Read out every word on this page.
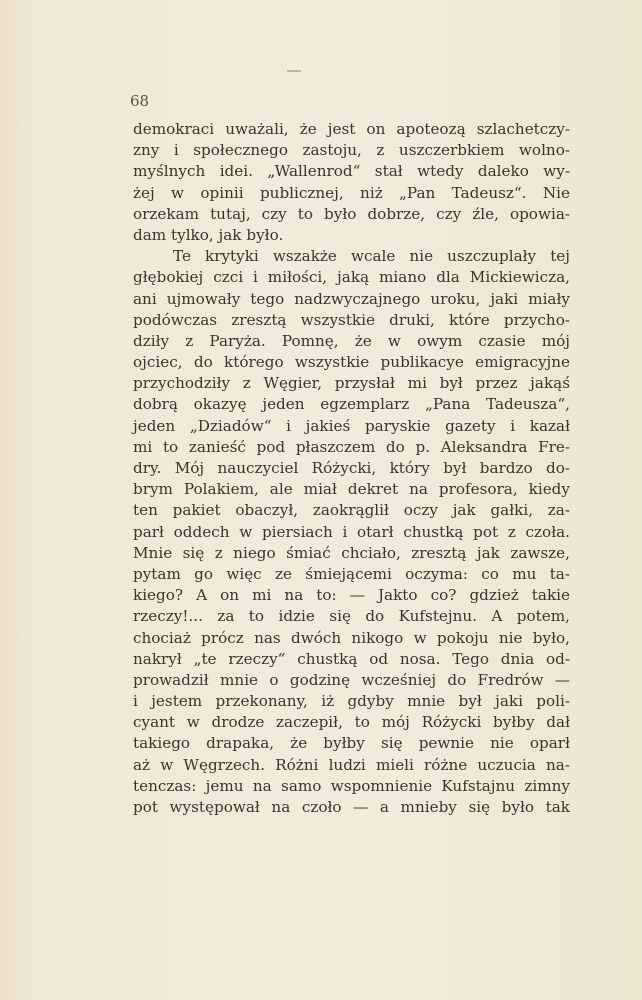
68
demokraci uważali, że jest on apoteozą szlachetczy-
zny i społecznego zastoju, z uszczerbkiem wolno-
myślnych idei. „Wallenrod“ stał wtedy daleko wy-
żej w opinii publicznej, niż „Pan Tadeusz“. Nie
orzekam tutaj, czy to było dobrze, czy źle, opowia-
dam tylko, jak było.
Te krytyki wszakże wcale nie uszczuplały tej
głębokiej czci i miłości, jaką miano dla Mickiewicza,
ani ujmowały tego nadzwyczajnego uroku, jaki miały
podówczas zresztą wszystkie druki, które przycho-
dziły z Paryża. Pomnę, że w owym czasie mój
ojciec, do którego wszystkie publikacye emigracyjne
przychodziły z Węgier, przysłał mi był przez jakąś
dobrą okazyę jeden egzemplarz „Pana Tadeusza“,
jeden „Dziadów“ i jakieś paryskie gazety i kazał
mi to zanieść pod płaszczem do p. Aleksandra Fre-
dry. Mój nauczyciel Różycki, który był bardzo do-
brym Polakiem, ale miał dekret na profesora, kiedy
ten pakiet obaczył, zaokrąglił oczy jak gałki, za-
parł oddech w piersiach i otarł chustką pot z czoła.
Mnie się z niego śmiać chciało, zresztą jak zawsze,
pytam go więc ze śmiejącemi oczyma: co mu ta-
kiego? A on mi na to: — Jakto co? gdzież takie
rzeczy!... za to idzie się do Kufstejnu. A potem,
chociaż prócz nas dwóch nikogo w pokoju nie było,
nakrył „te rzeczy“ chustką od nosa. Tego dnia od-
prowadził mnie o godzinę wcześniej do Fredrów —
i jestem przekonany, iż gdyby mnie był jaki poli-
cyant w drodze zaczepił, to mój Różycki byłby dał
takiego drapaka, że byłby się pewnie nie oparł
aż w Węgrzech. Różni ludzi mieli różne uczucia na-
tenczas: jemu na samo wspomnienie Kufstajnu zimny
pot występował na czoło — a mnieby się było tak
